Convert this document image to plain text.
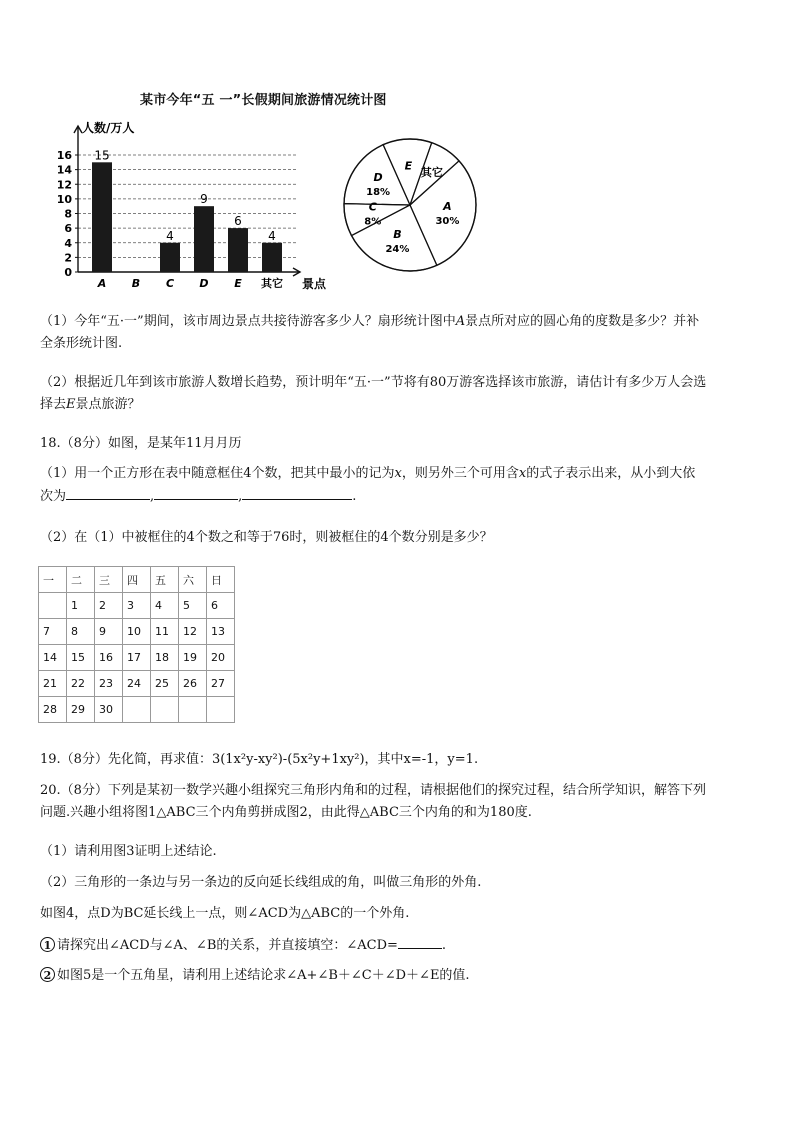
某市今年“五 一”长假期间旅游情况统计图
0
2
4
6
8
10
12
14
16
人数/万人
景点
15
A B
4
C
9
D
6
E
4
其它
A
30%
B
24%
C
8%
D
18%
E
其它

（1）今年“五·一”期间，该市周边景点共接待游客多少人？扇形统计图中A景点所对应的圆心角的度数是多少？并补
全条形统计图.

（2）根据近几年到该市旅游人数增长趋势，预计明年“五·一”节将有80万游客选择该市旅游，请估计有多少万人会选
择去E景点旅游？

18.（8分）如图，是某年11月月历

（1）用一个正方形在表中随意框住4个数，把其中最小的记为x，则另外三个可用含x的式子表示出来，从小到大依
次为	,	,	.

（2）在（1）中被框住的4个数之和等于76时，则被框住的4个数分别是多少？

一	二	三	四	五	六	日
	1	2	3	4	5	6
7	8	9	10	11	12	13
14	15	16	17	18	19	20
21	22	23	24	25	26	27
28	29	30				

19.（8分）先化简，再求值：3(1x²y-xy²)-(5x²y+1xy²)，其中x=-1，y=1.

20.（8分）下列是某初一数学兴趣小组探究三角形内角和的过程，请根据他们的探究过程，结合所学知识，解答下列
问题.兴趣小组将图1△ABC三个内角剪拼成图2，由此得△ABC三个内角的和为180度.

（1）请利用图3证明上述结论.

（2）三角形的一条边与另一条边的反向延长线组成的角，叫做三角形的外角.

如图4，点D为BC延长线上一点，则∠ACD为△ABC的一个外角.

1 请探究出∠ACD与∠A、∠B的关系，并直接填空：∠ACD=	.

2 如图5是一个五角星，请利用上述结论求∠A+∠B＋∠C＋∠D＋∠E的值.
